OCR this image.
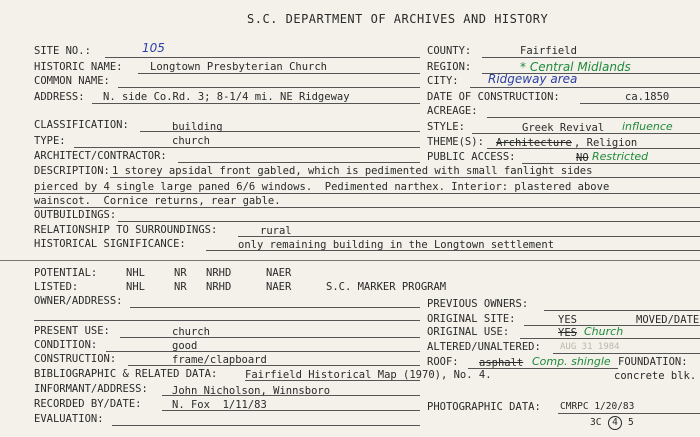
S.C. DEPARTMENT OF ARCHIVES AND HISTORY
SITE NO.:	105
HISTORIC NAME:	Longtown Presbyterian Church
COMMON NAME:
ADDRESS: N. side Co.Rd. 3; 8-1/4 mi. NE Ridgeway
COUNTY:	Fairfield
REGION:	* Central Midlands
CITY: Ridgeway area
DATE OF CONSTRUCTION:	ca.1850
ACREAGE:
CLASSIFICATION:	building
TYPE:	church
ARCHITECT/CONTRACTOR:
STYLE:	Greek Revival influence
THEME(S): Architecture , Religion
PUBLIC ACCESS:	NO Restricted
DESCRIPTION: 1 storey apsidal front gabled, which is pedimented with small fanlight sides
pierced by 4 single large paned 6/6 windows.  Pedimented narthex. Interior: plastered above
wainscot.  Cornice returns, rear gable.
OUTBUILDINGS:
RELATIONSHIP TO SURROUNDINGS:	rural
HISTORICAL SIGNIFICANCE:	only remaining building in the Longtown settlement
POTENTIAL:	NHL	NR NRHD	NAER
LISTED:	NHL	NR NRHD	NAER	S.C. MARKER PROGRAM
OWNER/ADDRESS:	PREVIOUS OWNERS:
ORIGINAL SITE:	YES	MOVED/DATE
PRESENT USE:	church	ORIGINAL USE:	YES Church
CONDITION:	good	ALTERED/UNALTERED: AUG 31 1984
CONSTRUCTION:	frame/clapboard	ROOF: asphalt Comp. shingle FOUNDATION:
concrete blk.
BIBLIOGRAPHIC & RELATED DATA:	Fairfield Historical Map (1970), No. 4.
INFORMANT/ADDRESS: John Nicholson, Winnsboro
RECORDED BY/DATE:	N. Fox  1/11/83	PHOTOGRAPHIC DATA: CMRPC 1/20/83
3C	4	5
EVALUATION:
